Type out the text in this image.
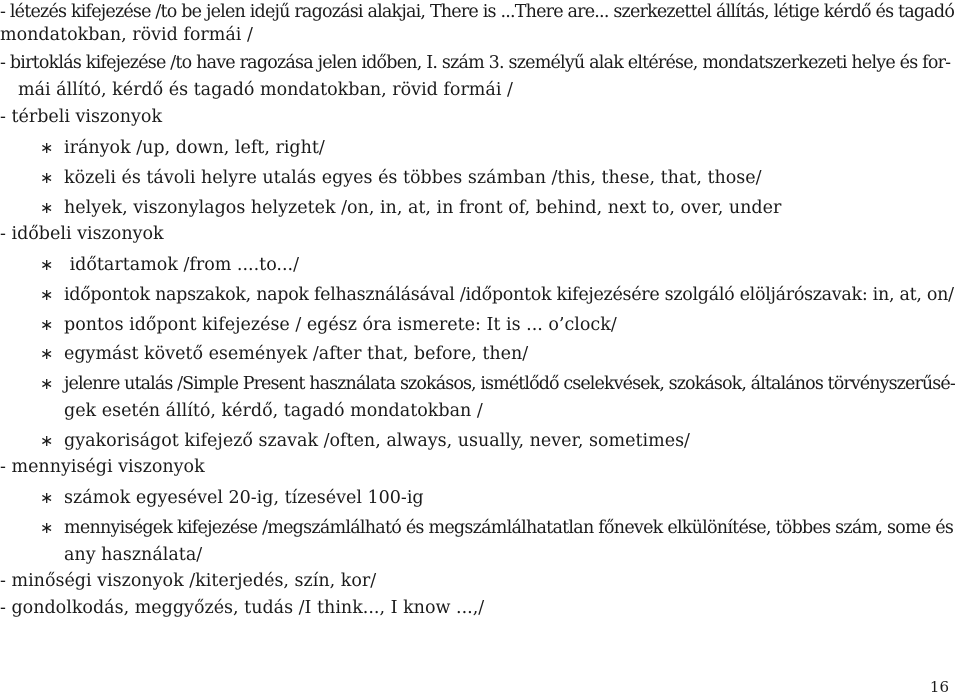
- létezés kifejezése /to be jelen idejű ragozási alakjai, There is ...There are... szerkezettel állítás, létige kérdő és tagadó
mondatokban, rövid formái /
- birtoklás kifejezése /to have ragozása jelen időben, I. szám 3. személyű alak eltérése, mondatszerkezeti helye és for-
mái állító, kérdő és tagadó mondatokban, rövid formái /
- térbeli viszonyok
∗ irányok /up, down, left, right/
∗ közeli és távoli helyre utalás egyes és többes számban /this, these, that, those/
∗ helyek, viszonylagos helyzetek /on, in, at, in front of, behind, next to, over, under
- időbeli viszonyok
∗ időtartamok /from ....to.../
∗ időpontok napszakok, napok felhasználásával /időpontok kifejezésére szolgáló elöljárószavak: in, at, on/
∗ pontos időpont kifejezése / egész óra ismerete: It is ... o’clock/
∗ egymást követő események /after that, before, then/
∗ jelenre utalás /Simple Present használata szokásos, ismétlődő cselekvések, szokások, általános törvényszerűsé-
gek esetén állító, kérdő, tagadó mondatokban /
∗ gyakoriságot kifejező szavak /often, always, usually, never, sometimes/
- mennyiségi viszonyok
∗ számok egyesével 20-ig, tízesével 100-ig
∗ mennyiségek kifejezése /megszámlálható és megszámlálhatatlan főnevek elkülönítése, többes szám, some és
any használata/
- minőségi viszonyok /kiterjedés, szín, kor/
- gondolkodás, meggyőzés, tudás /I think..., I know ...,/
16
